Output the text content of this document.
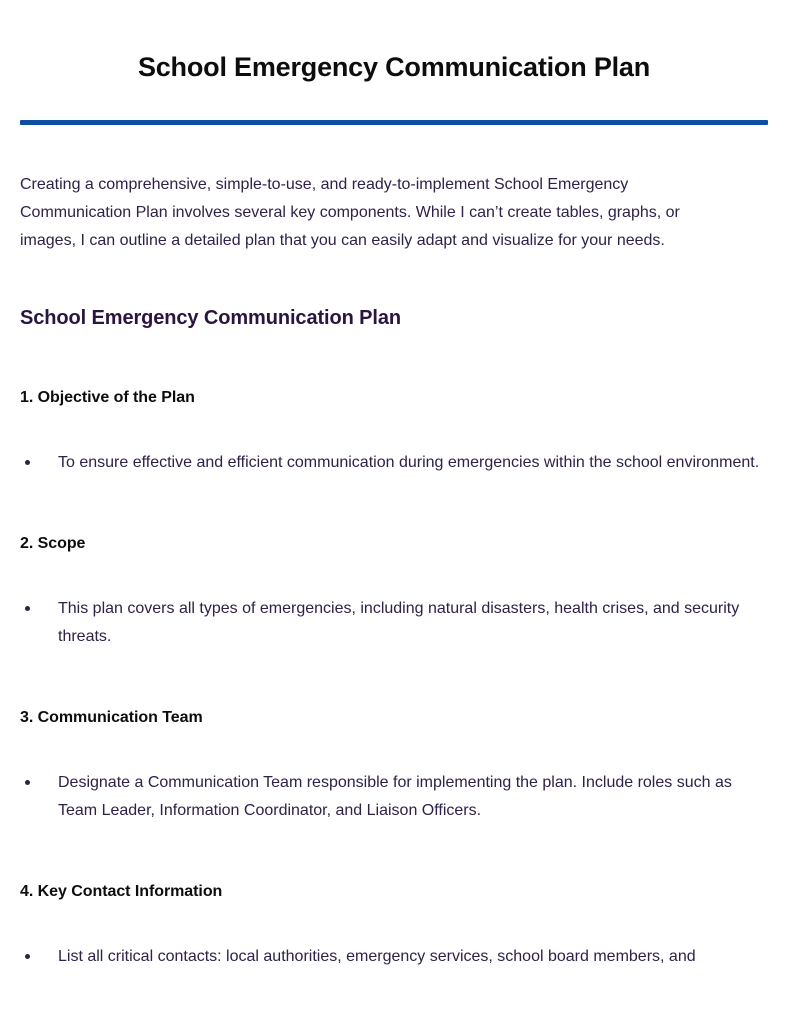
School Emergency Communication Plan

Creating a comprehensive, simple-to-use, and ready-to-implement School Emergency Communication Plan involves several key components. While I can’t create tables, graphs, or images, I can outline a detailed plan that you can easily adapt and visualize for your needs.

School Emergency Communication Plan
1. Objective of the Plan
To ensure effective and efficient communication during emergencies within the school environment.
2. Scope
This plan covers all types of emergencies, including natural disasters, health crises, and security threats.
3. Communication Team
Designate a Communication Team responsible for implementing the plan. Include roles such as Team Leader, Information Coordinator, and Liaison Officers.
4. Key Contact Information
List all critical contacts: local authorities, emergency services, school board members, and
